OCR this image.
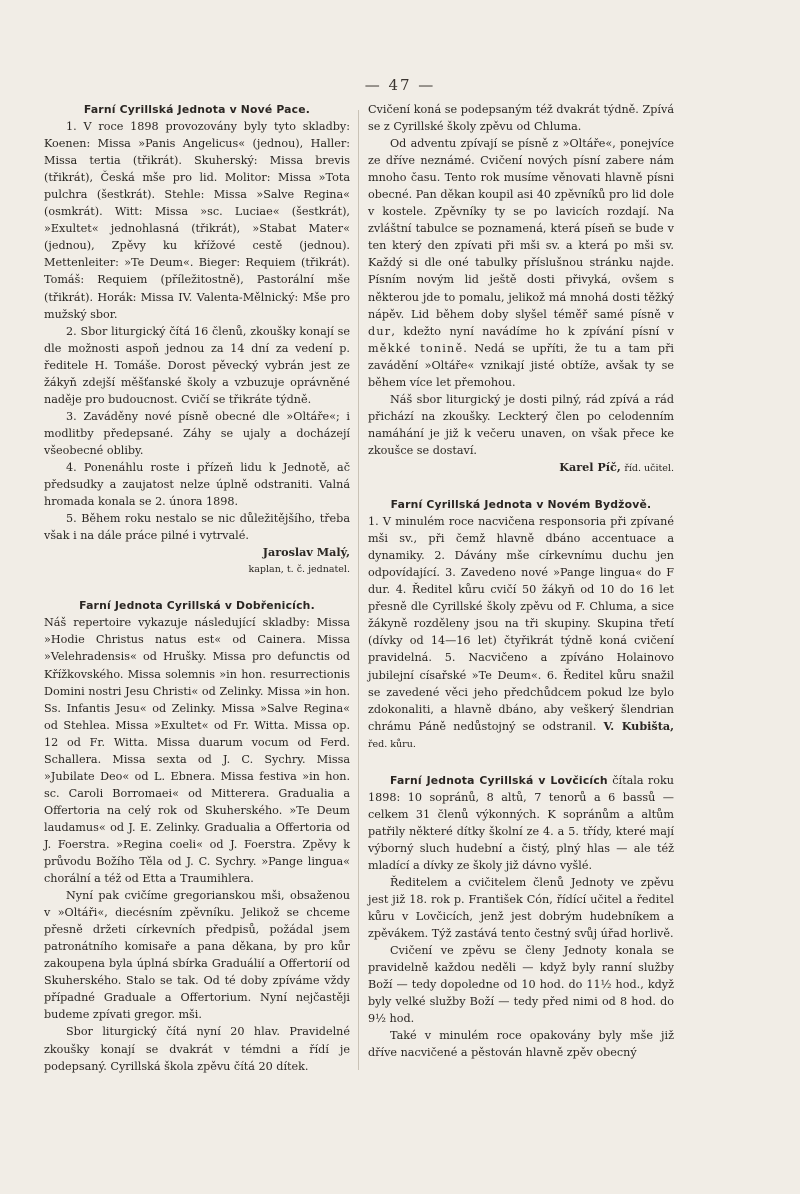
— 47 —
Farní Cyrillská Jednota v Nové Pace.

1. V roce 1898 provozovány byly tyto skladby: Koenen: Missa »Panis Angelicus« (jednou), Haller: Missa tertia (třikrát). Skuherský: Missa brevis (třikrát), Česká mše pro lid. Molitor: Missa »Tota pulchra (šestkrát). Stehle: Missa »Salve Regina« (osmkrát). Witt: Missa »sc. Luciae« (šestkrát), »Exultet« jednohlasná (třikrát), »Stabat Mater« (jednou), Zpěvy ku křížové cestě (jednou). Mettenleiter: »Te Deum«. Bieger: Requiem (třikrát). Tomáš: Requiem (příležitostně), Pastorální mše (třikrát). Horák: Missa IV. Valenta-Mělnický: Mše pro mužský sbor.

2. Sbor liturgický čítá 16 členů, zkoušky konají se dle možnosti aspoň jednou za 14 dní za vedení p. ředitele H. Tomáše. Dorost pěvecký vybrán jest ze žákyň zdejší měšťanské školy a vzbuzuje oprávněné naděje pro budoucnost. Cvičí se třikráte týdně.

3. Zaváděny nové písně obecné dle »Oltáře«; i modlitby předepsané. Záhy se ujaly a docházejí všeobecné obliby.

4. Ponenáhlu roste i přízeň lidu k Jednotě, ač předsudky a zaujatost nelze úplně odstraniti. Valná hromada konala se 2. února 1898.

5. Během roku nestalo se nic důležitějšího, třeba však i na dále práce pilné i vytrvalé.

Jaroslav Malý,

kaplan, t. č. jednatel.

Farní Jednota Cyrillská v Dobřenicích.

Náš repertoire vykazuje následující skladby: Missa »Hodie Christus natus est« od Cainera. Missa »Velehradensis« od Hrušky. Missa pro defunctis od Křížkovského. Missa solemnis »in hon. resurrectionis Domini nostri Jesu Christi« od Zelinky. Missa »in hon. Ss. Infantis Jesu« od Zelinky. Missa »Salve Regina« od Stehlea. Missa »Exultet« od Fr. Witta. Missa op. 12 od Fr. Witta. Missa duarum vocum od Ferd. Schallera. Missa sexta od J. C. Sychry. Missa »Jubilate Deo« od L. Ebnera. Missa festiva »in hon. sc. Caroli Borromaei« od Mitterera. Gradualia a Offertoria na celý rok od Skuherského. »Te Deum laudamus« od J. E. Zelinky. Gradualia a Offertoria od J. Foerstra. »Regina coeli« od J. Foerstra. Zpěvy k průvodu Božího Těla od J. C. Sychry. »Pange lingua« chorální a též od Etta a Traumihlera.

Nyní pak cvičíme gregorianskou mši, obsaženou v »Oltáři«, diecésním zpěvníku. Jelikož se chceme přesně držeti církevních předpisů, požádal jsem patronátního komisaře a pana děkana, by pro kůr zakoupena byla úplná sbírka Graduálií a Offertorií od Skuherského. Stalo se tak. Od té doby zpíváme vždy případné Graduale a Offertorium. Nyní nejčastěji budeme zpívati gregor. mši.

Sbor liturgický čítá nyní 20 hlav. Pravidelné zkoušky konají se dvakrát v témdni a řídí je podepsaný. Cyrillská škola zpěvu čítá 20 dítek.

Cvičení koná se podepsaným též dvakrát týdně. Zpívá se z Cyrillské školy zpěvu od Chluma.

Od adventu zpívají se písně z »Oltáře«, ponejvíce ze dříve neznámé. Cvičení nových písní zabere nám mnoho času. Tento rok musíme věnovati hlavně písni obecné. Pan děkan koupil asi 40 zpěvníků pro lid dole v kostele. Zpěvníky ty se po lavicích rozdají. Na zvláštní tabulce se poznamená, která píseň se bude v ten který den zpívati při mši sv. a která po mši sv. Každý si dle oné tabulky příslušnou stránku najde. Písním novým lid ještě dosti přivyká, ovšem s některou jde to pomalu, jelikož má mnohá dosti těžký nápěv. Lid během doby slyšel téměř samé písně v dur, kdežto nyní navádíme ho k zpívání písní v měkké tonině. Nedá se upříti, že tu a tam při zavádění »Oltáře« vznikají jisté obtíže, avšak ty se během více let přemohou.

Náš sbor liturgický je dosti pilný, rád zpívá a rád přichází na zkoušky. Leckterý člen po celodenním namáhání je již k večeru unaven, on však přece ke zkoušce se dostaví.

Karel Píč, říd. učitel.

Farní Cyrillská Jednota v Novém Bydžově.

1. V minulém roce nacvičena responsoria při zpívané mši sv., při čemž hlavně dbáno accentuace a dynamiky. 2. Dávány mše církevnímu duchu jen odpovídající. 3. Zavedeno nové »Pange lingua« do F dur. 4. Ředitel kůru cvičí 50 žákyň od 10 do 16 let přesně dle Cyrillské školy zpěvu od F. Chluma, a sice žákyně rozděleny jsou na tři skupiny. Skupina třetí (dívky od 14—16 let) čtyřikrát týdně koná cvičení pravidelná. 5. Nacvičeno a zpíváno Holainovo jubilejní císařské »Te Deum«. 6. Ředitel kůru snažil se zavedené věci jeho předchůdcem pokud lze bylo zdokonaliti, a hlavně dbáno, aby veškerý šlendrian chrámu Páně nedůstojný se odstranil. V. Kubišta, řed. kůru.

Farní Jednota Cyrillská v Lovčicích čítala roku 1898: 10 sopránů, 8 altů, 7 tenorů a 6 bassů — celkem 31 členů výkonných. K sopránům a altům patřily některé dítky školní ze 4. a 5. třídy, které mají výborný sluch hudební a čistý, plný hlas — ale též mladící a dívky ze školy již dávno vyšlé.

Ředitelem a cvičitelem členů Jednoty ve zpěvu jest již 18. rok p. František Cón, řídící učitel a ředitel kůru v Lovčicích, jenž jest dobrým hudebníkem a zpěvákem. Týž zastává tento čestný svůj úřad horlivě.

Cvičení ve zpěvu se členy Jednoty konala se pravidelně každou neděli — když byly ranní služby Boží — tedy dopoledne od 10 hod. do 11½ hod., když byly velké služby Boží — tedy před nimi od 8 hod. do 9½ hod.

Také v minulém roce opakovány byly mše již dříve nacvičené a pěstován hlavně zpěv obecný
